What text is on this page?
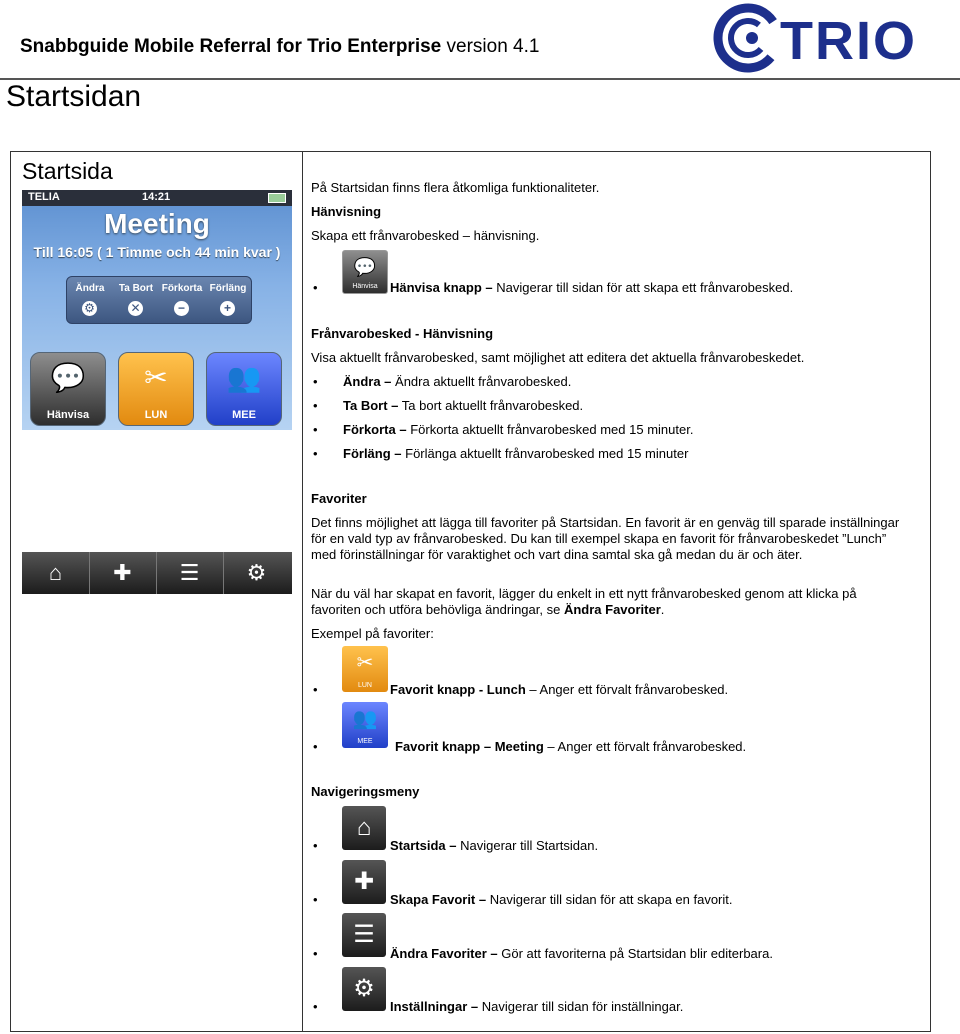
Snabbguide Mobile Referral for Trio Enterprise version 4.1	TRIO
Startsidan
Startsida
TELIA	14:21
Meeting
Till 16:05 ( 1 Timme och 44 min kvar )
Ändra
⚙
Ta Bort
✕
Förkorta
−
Förläng
+
💬
Hänvisa
✂
LUN
👥
MEE
⌂	✚	☰	⚙
På Startsidan finns flera åtkomliga funktionaliteter.
Hänvisning
Skapa ett frånvarobesked – hänvisning.
💬
Hänvisa • Hänvisa knapp – Navigerar till sidan för att skapa ett frånvarobesked.
Frånvarobesked - Hänvisning
Visa aktuellt frånvarobesked, samt möjlighet att editera det aktuella frånvarobeskedet.
•
Ändra – Ändra aktuellt frånvarobesked.
•
Ta Bort – Ta bort aktuellt frånvarobesked.
•
Förkorta – Förkorta aktuellt frånvarobesked med 15 minuter.
•
Förläng – Förlänga aktuellt frånvarobesked med 15 minuter
Favoriter
Det finns möjlighet att lägga till favoriter på Startsidan. En favorit är en genväg till sparade inställningar för en vald typ av frånvarobesked. Du kan till exempel skapa en favorit för frånvarobeskedet ”Lunch” med förinställningar för varaktighet och vart dina samtal ska gå medan du är och äter.
När du väl har skapat en favorit, lägger du enkelt in ett nytt frånvarobesked genom att klicka på favoriten och utföra behövliga ändringar, se Ändra Favoriter.
Exempel på favoriter:
✂
LUN •	Favorit knapp - Lunch – Anger ett förvalt frånvarobesked.
👥
MEE •	Favorit knapp – Meeting – Anger ett förvalt frånvarobesked.
Navigeringsmeny
⌂
•
Startsida – Navigerar till Startsidan.
✚
•
Skapa Favorit – Navigerar till sidan för att skapa en favorit.
☰
•
Ändra Favoriter – Gör att favoriterna på Startsidan blir editerbara.
⚙
•
Inställningar – Navigerar till sidan för inställningar.
